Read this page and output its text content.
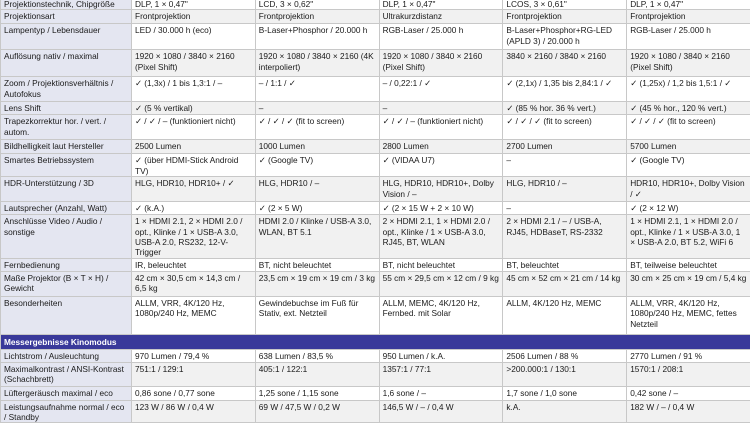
Projektionstechnik, Chipgröße	DLP, 1 × 0,47"	LCD, 3 × 0,62"	DLP, 1 × 0,47"	LCOS, 3 × 0,61"	DLP, 1 × 0,47"
Projektionsart	Frontprojektion	Frontprojektion	Ultrakurzdistanz	Frontprojektion	Frontprojektion
Lampentyp / Lebensdauer	LED / 30.000 h (eco)	B-Laser+Phosphor / 20.000 h	RGB-Laser / 25.000 h	B-Laser+Phosphor+RG-LED (APLD 3) / 20.000 h	RGB-Laser / 25.000 h
Auflösung nativ / maximal	1920 × 1080 / 3840 × 2160 (Pixel Shift)	1920 × 1080 / 3840 × 2160 (4K interpoliert)	1920 × 1080 / 3840 × 2160 (Pixel Shift)	3840 × 2160 / 3840 × 2160	1920 × 1080 / 3840 × 2160 (Pixel Shift)
Zoom / Projektionsverhältnis / Autofokus	✓ (1,3x) / 1 bis 1,3:1 / –	– / 1:1 / ✓	– / 0,22:1 / ✓	✓ (2,1x) / 1,35 bis 2,84:1 / ✓	✓ (1,25x) / 1,2 bis 1,5:1 / ✓
Lens Shift	✓ (5 % vertikal)	–	–	✓ (85 % hor. 36 % vert.)	✓ (45 % hor., 120 % vert.)
Trapezkorrektur hor. / vert. / autom.	✓ / ✓ / – (funktioniert nicht)	✓ / ✓ / ✓ (fit to screen)	✓ / ✓ / – (funktioniert nicht)	✓ / ✓ / ✓ (fit to screen)	✓ / ✓ / ✓ (fit to screen)
Bildhelligkeit laut Hersteller	2500 Lumen	1000 Lumen	2800 Lumen	2700 Lumen	5700 Lumen
Smartes Betriebssystem	✓ (über HDMI-Stick Android TV)	✓ (Google TV)	✓ (VIDAA U7)	–	✓ (Google TV)
HDR-Unterstützung / 3D	HLG, HDR10, HDR10+ / ✓	HLG, HDR10 / –	HLG, HDR10, HDR10+, Dolby Vision / –	HLG, HDR10 / –	HDR10, HDR10+, Dolby Vision / ✓
Lautsprecher (Anzahl, Watt)	✓ (k.A.)	✓ (2 × 5 W)	✓ (2 × 15 W + 2 × 10 W)	–	✓ (2 × 12 W)
Anschlüsse Video / Audio / sonstige	1 × HDMI 2.1, 2 × HDMI 2.0 / opt., Klinke / 1 × USB-A 3.0, USB-A 2.0, RS232, 12-V-Trigger	HDMI 2.0 / Klinke / USB-A 3.0, WLAN, BT 5.1	2 × HDMI 2.1, 1 × HDMI 2.0 / opt., Klinke / 1 × USB-A 3.0, RJ45, BT, WLAN	2 × HDMI 2.1 / – / USB-A, RJ45, HDBaseT, RS-2332	1 × HDMI 2.1, 1 × HDMI 2.0 / opt., Klinke / 1 × USB-A 3.0, 1 × USB-A 2.0, BT 5.2, WiFi 6
Fernbedienung	IR, beleuchtet	BT, nicht beleuchtet	BT, nicht beleuchtet	BT, beleuchtet	BT, teilweise beleuchtet
Maße Projektor (B × T × H) / Gewicht	42 cm × 30,5 cm × 14,3 cm / 6,5 kg	23,5 cm × 19 cm × 19 cm / 3 kg	55 cm × 29,5 cm × 12 cm / 9 kg	45 cm × 52 cm × 21 cm / 14 kg	30 cm × 25 cm × 19 cm / 5,4 kg
Besonderheiten	ALLM, VRR, 4K/120 Hz, 1080p/240 Hz, MEMC	Gewindebuchse im Fuß für Stativ, ext. Netzteil	ALLM, MEMC, 4K/120 Hz, Fernbed. mit Solar	ALLM, 4K/120 Hz, MEMC	ALLM, VRR, 4K/120 Hz, 1080p/240 Hz, MEMC, fettes Netzteil
Messergebnisse Kinomodus					
Lichtstrom / Ausleuchtung	970 Lumen / 79,4 %	638 Lumen / 83,5 %	950 Lumen / k.A.	2506 Lumen / 88 %	2770 Lumen / 91 %
Maximalkontrast / ANSI-Kontrast (Schachbrett)	751:1 / 129:1	405:1 / 122:1	1357:1 / 77:1	>200.000:1 / 130:1	1570:1 / 208:1
Lüftergeräusch maximal / eco	0,86 sone / 0,77 sone	1,25 sone / 1,15 sone	1,6 sone / –	1,7 sone / 1,0 sone	0,42 sone / –
Leistungsaufnahme normal / eco / Standby	123 W / 86 W / 0,4 W	69 W / 47,5 W / 0,2 W	146,5 W / – / 0,4 W	k.A.	182 W / – / 0,4 W
